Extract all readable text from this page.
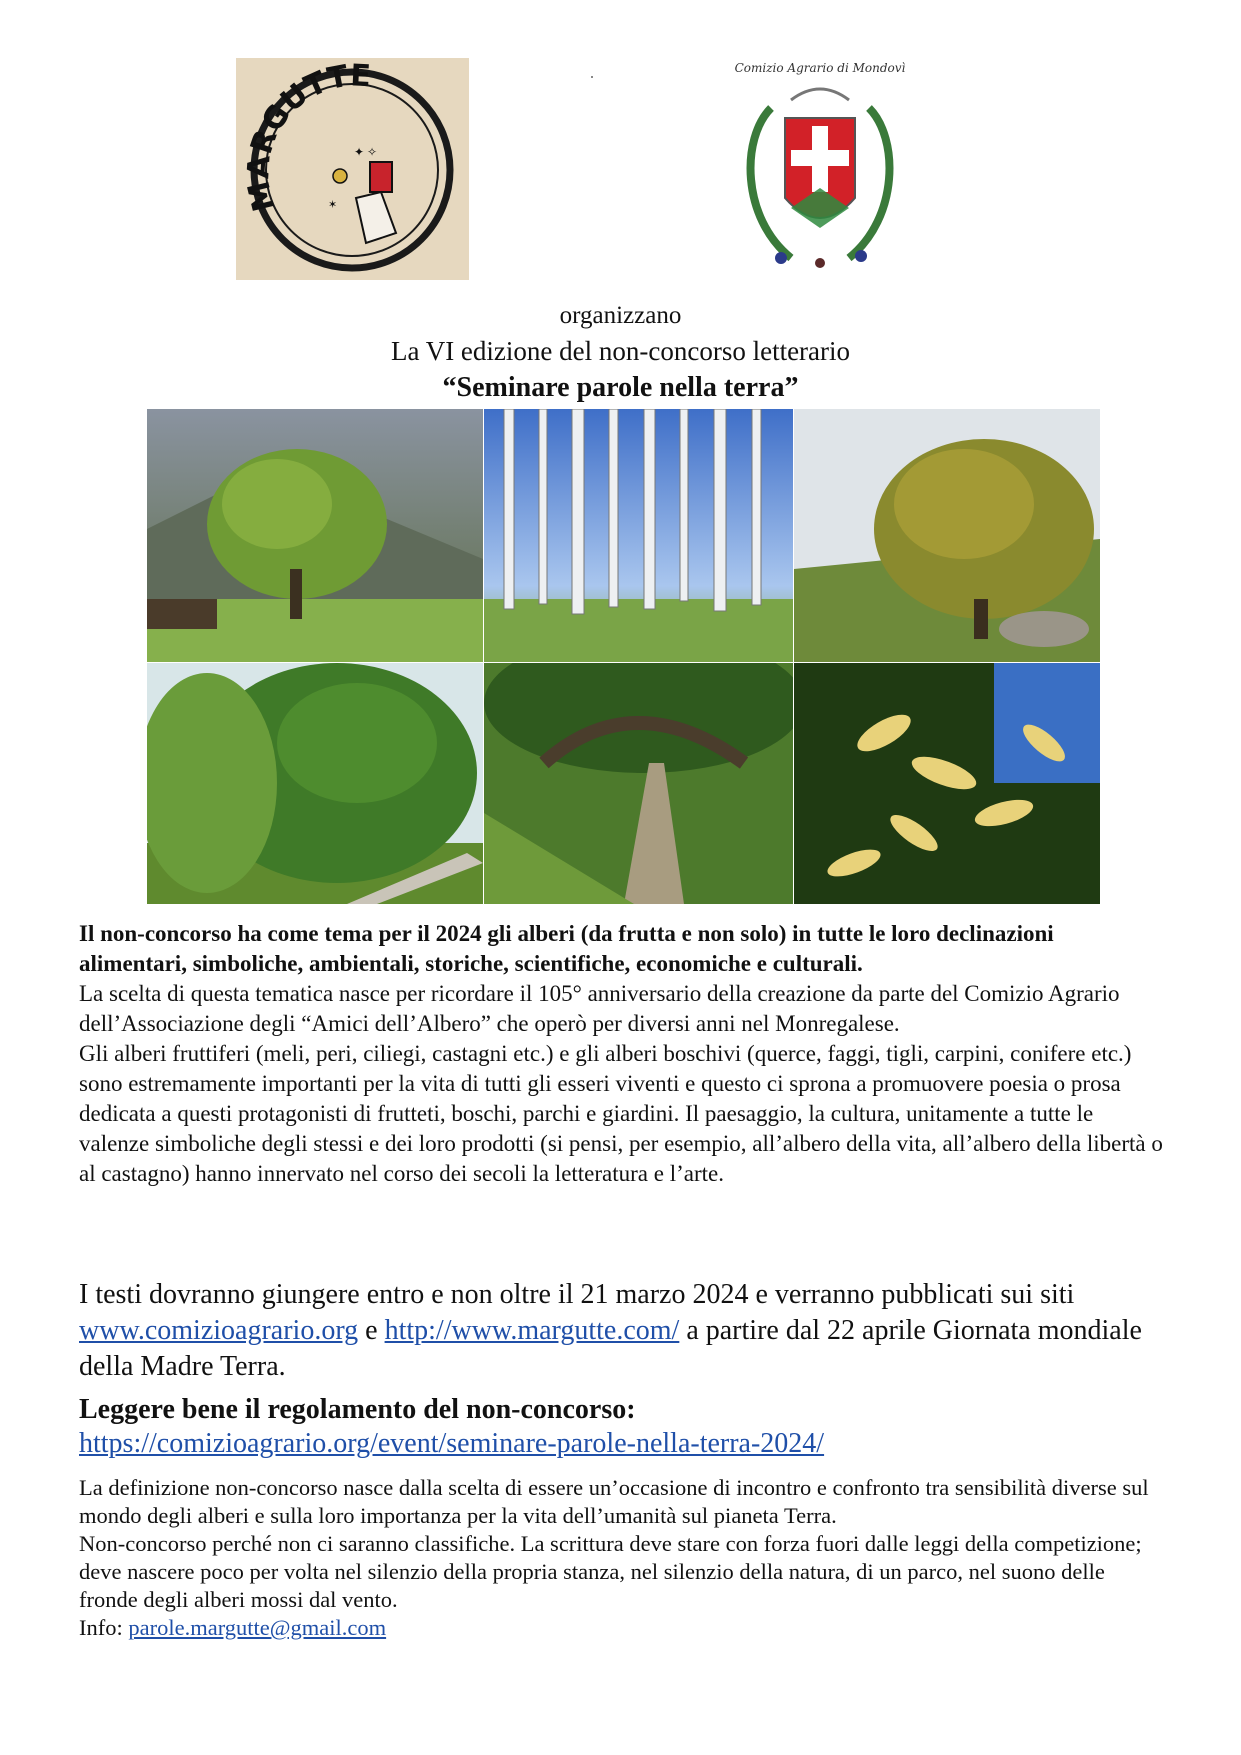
MARGUTTE
✦ ✧
✶
Comizio Agrario di Mondovì
organizzano
La VI edizione del non-concorso letterario
“Seminare parole nella terra”

Il non-concorso ha come tema per il 2024 gli alberi (da frutta e non solo) in tutte le loro declinazioni alimentari, simboliche, ambientali, storiche, scientifiche, economiche e culturali.

La scelta di questa tematica nasce per ricordare il 105° anniversario della creazione da parte del Comizio Agrario dell’Associazione degli “Amici dell’Albero” che operò per diversi anni nel Monregalese.
Gli alberi fruttiferi (meli, peri, ciliegi, castagni etc.) e gli alberi boschivi (querce, faggi, tigli, carpini, conifere etc.) sono estremamente importanti per la vita di tutti gli esseri viventi e questo ci sprona a promuovere poesia o prosa dedicata a questi protagonisti di frutteti, boschi, parchi e giardini. Il paesaggio, la cultura, unitamente a tutte le valenze simboliche degli stessi e dei loro prodotti (si pensi, per esempio, all’albero della vita, all’albero della libertà o al castagno) hanno innervato nel corso dei secoli la letteratura e l’arte.

I testi dovranno giungere entro e non oltre il 21 marzo 2024 e verranno pubblicati sui siti www.comizioagrario.org e http://www.margutte.com/ a partire dal 22 aprile Giornata mondiale della Madre Terra.

Leggere bene il regolamento del non-concorso:
https://comizioagrario.org/event/seminare-parole-nella-terra-2024/
La definizione non-concorso nasce dalla scelta di essere un’occasione di incontro e confronto tra sensibilità diverse sul mondo degli alberi e sulla loro importanza per la vita dell’umanità sul pianeta Terra.
Non-concorso perché non ci saranno classifiche. La scrittura deve stare con forza fuori dalle leggi della competizione; deve nascere poco per volta nel silenzio della propria stanza, nel silenzio della natura, di un parco, nel suono delle fronde degli alberi mossi dal vento.
Info: parole.margutte@gmail.com
